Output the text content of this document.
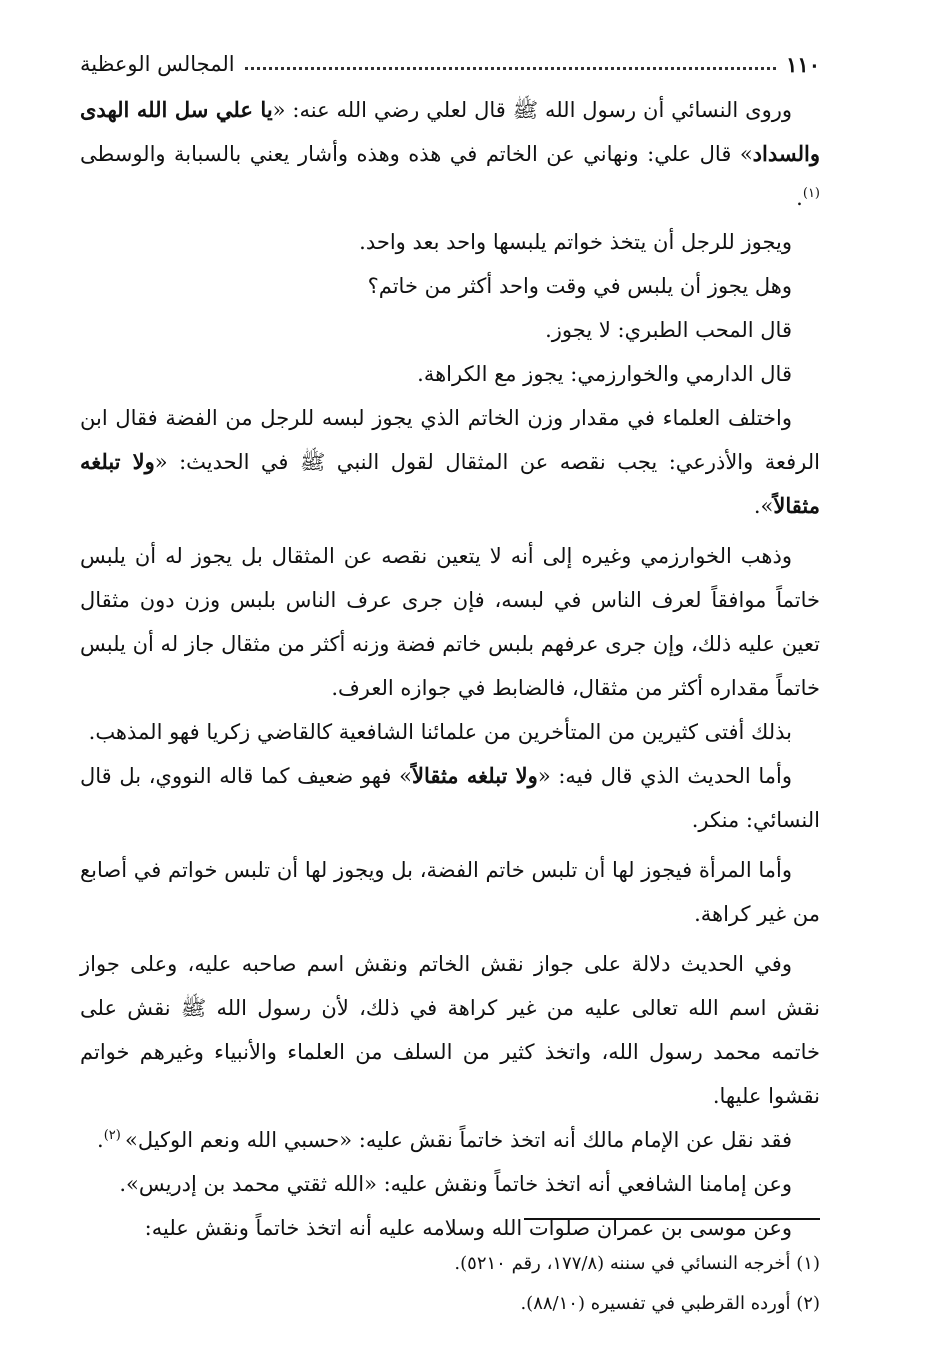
١١٠
المجالس الوعظية

وروى النسائي أن رسول الله ﷺ قال لعلي رضي الله عنه: «يا علي سل الله الهدى والسداد» قال علي: ونهاني عن الخاتم في هذه وهذه وأشار يعني بالسبابة والوسطى $^{(١)}$.

ويجوز للرجل أن يتخذ خواتم يلبسها واحد بعد واحد.

وهل يجوز أن يلبس في وقت واحد أكثر من خاتم؟

قال المحب الطبري: لا يجوز.

قال الدارمي والخوارزمي: يجوز مع الكراهة.

واختلف العلماء في مقدار وزن الخاتم الذي يجوز لبسه للرجل من الفضة فقال ابن الرفعة والأذرعي: يجب نقصه عن المثقال لقول النبي ﷺ في الحديث: «ولا تبلغه مثقالاً».

وذهب الخوارزمي وغيره إلى أنه لا يتعين نقصه عن المثقال بل يجوز له أن يلبس خاتماً موافقاً لعرف الناس في لبسه، فإن جرى عرف الناس بلبس وزن دون مثقال تعين عليه ذلك، وإن جرى عرفهم بلبس خاتم فضة وزنه أكثر من مثقال جاز له أن يلبس خاتماً مقداره أكثر من مثقال، فالضابط في جوازه العرف.

بذلك أفتى كثيرين من المتأخرين من علمائنا الشافعية كالقاضي زكريا فهو المذهب.

وأما الحديث الذي قال فيه: «ولا تبلغه مثقالاً» فهو ضعيف كما قاله النووي، بل قال النسائي: منكر.

وأما المرأة فيجوز لها أن تلبس خاتم الفضة، بل ويجوز لها أن تلبس خواتم في أصابع من غير كراهة.

وفي الحديث دلالة على جواز نقش الخاتم ونقش اسم صاحبه عليه، وعلى جواز نقش اسم الله تعالى عليه من غير كراهة في ذلك، لأن رسول الله ﷺ نقش على خاتمه محمد رسول الله، واتخذ كثير من السلف من العلماء والأنبياء وغيرهم خواتم نقشوا عليها.

فقد نقل عن الإمام مالك أنه اتخذ خاتماً نقش عليه: «حسبي الله ونعم الوكيل» $^{(٢)}$.

وعن إمامنا الشافعي أنه اتخذ خاتماً ونقش عليه: «الله ثقتي محمد بن إدريس».

وعن موسى بن عمران صلوات الله وسلامه عليه أنه اتخذ خاتماً ونقش عليه:

(١) أخرجه النسائي في سننه (١٧٧/٨، رقم ٥٢١٠).

(٢) أورده القرطبي في تفسيره (٨٨/١٠).
